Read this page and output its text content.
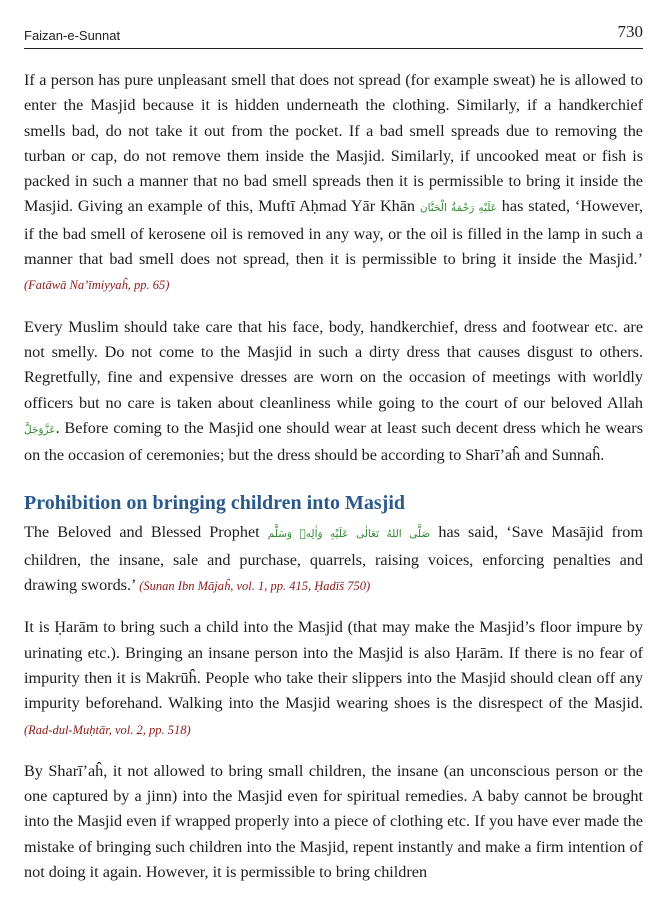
Faizan-e-Sunnat	730

If a person has pure unpleasant smell that does not spread (for example sweat) he is allowed to enter the Masjid because it is hidden underneath the clothing. Similarly, if a handkerchief smells bad, do not take it out from the pocket. If a bad smell spreads due to removing the turban or cap, do not remove them inside the Masjid. Similarly, if uncooked meat or fish is packed in such a manner that no bad smell spreads then it is permissible to bring it inside the Masjid. Giving an example of this, Muftī Aḥmad Yār Khān عَلَيْهِ رَحْمَةُ الْحَنَّان has stated, ‘However, if the bad smell of kerosene oil is removed in any way, or the oil is filled in the lamp in such a manner that bad smell does not spread, then it is permissible to bring it inside the Masjid.’ (Fatāwā Na’īmiyyaĥ, pp. 65)

Every Muslim should take care that his face, body, handkerchief, dress and footwear etc. are not smelly. Do not come to the Masjid in such a dirty dress that causes disgust to others. Regretfully, fine and expensive dresses are worn on the occasion of meetings with worldly officers but no care is taken about cleanliness while going to the court of our beloved Allah عَزَّوَجَلَّ. Before coming to the Masjid one should wear at least such decent dress which he wears on the occasion of ceremonies; but the dress should be according to Sharī’aĥ and Sunnaĥ.

Prohibition on bringing children into Masjid

The Beloved and Blessed Prophet صَلَّى اللهُ تَعَالٰى عَلَيْهِ وَاٰلِهٖ وَسَلَّم has said, ‘Save Masājid from children, the insane, sale and purchase, quarrels, raising voices, enforcing penalties and drawing swords.’ (Sunan Ibn Mājaĥ, vol. 1, pp. 415, Ḥadīš 750)

It is Ḥarām to bring such a child into the Masjid (that may make the Masjid’s floor impure by urinating etc.). Bringing an insane person into the Masjid is also Ḥarām. If there is no fear of impurity then it is Makrūĥ. People who take their slippers into the Masjid should clean off any impurity beforehand. Walking into the Masjid wearing shoes is the disrespect of the Masjid. (Rad-dul-Muḥtār, vol. 2, pp. 518)

By Sharī’aĥ, it not allowed to bring small children, the insane (an unconscious person or the one captured by a jinn) into the Masjid even for spiritual remedies. A baby cannot be brought into the Masjid even if wrapped properly into a piece of clothing etc. If you have ever made the mistake of bringing such children into the Masjid, repent instantly and make a firm intention of not doing it again. However, it is permissible to bring children
